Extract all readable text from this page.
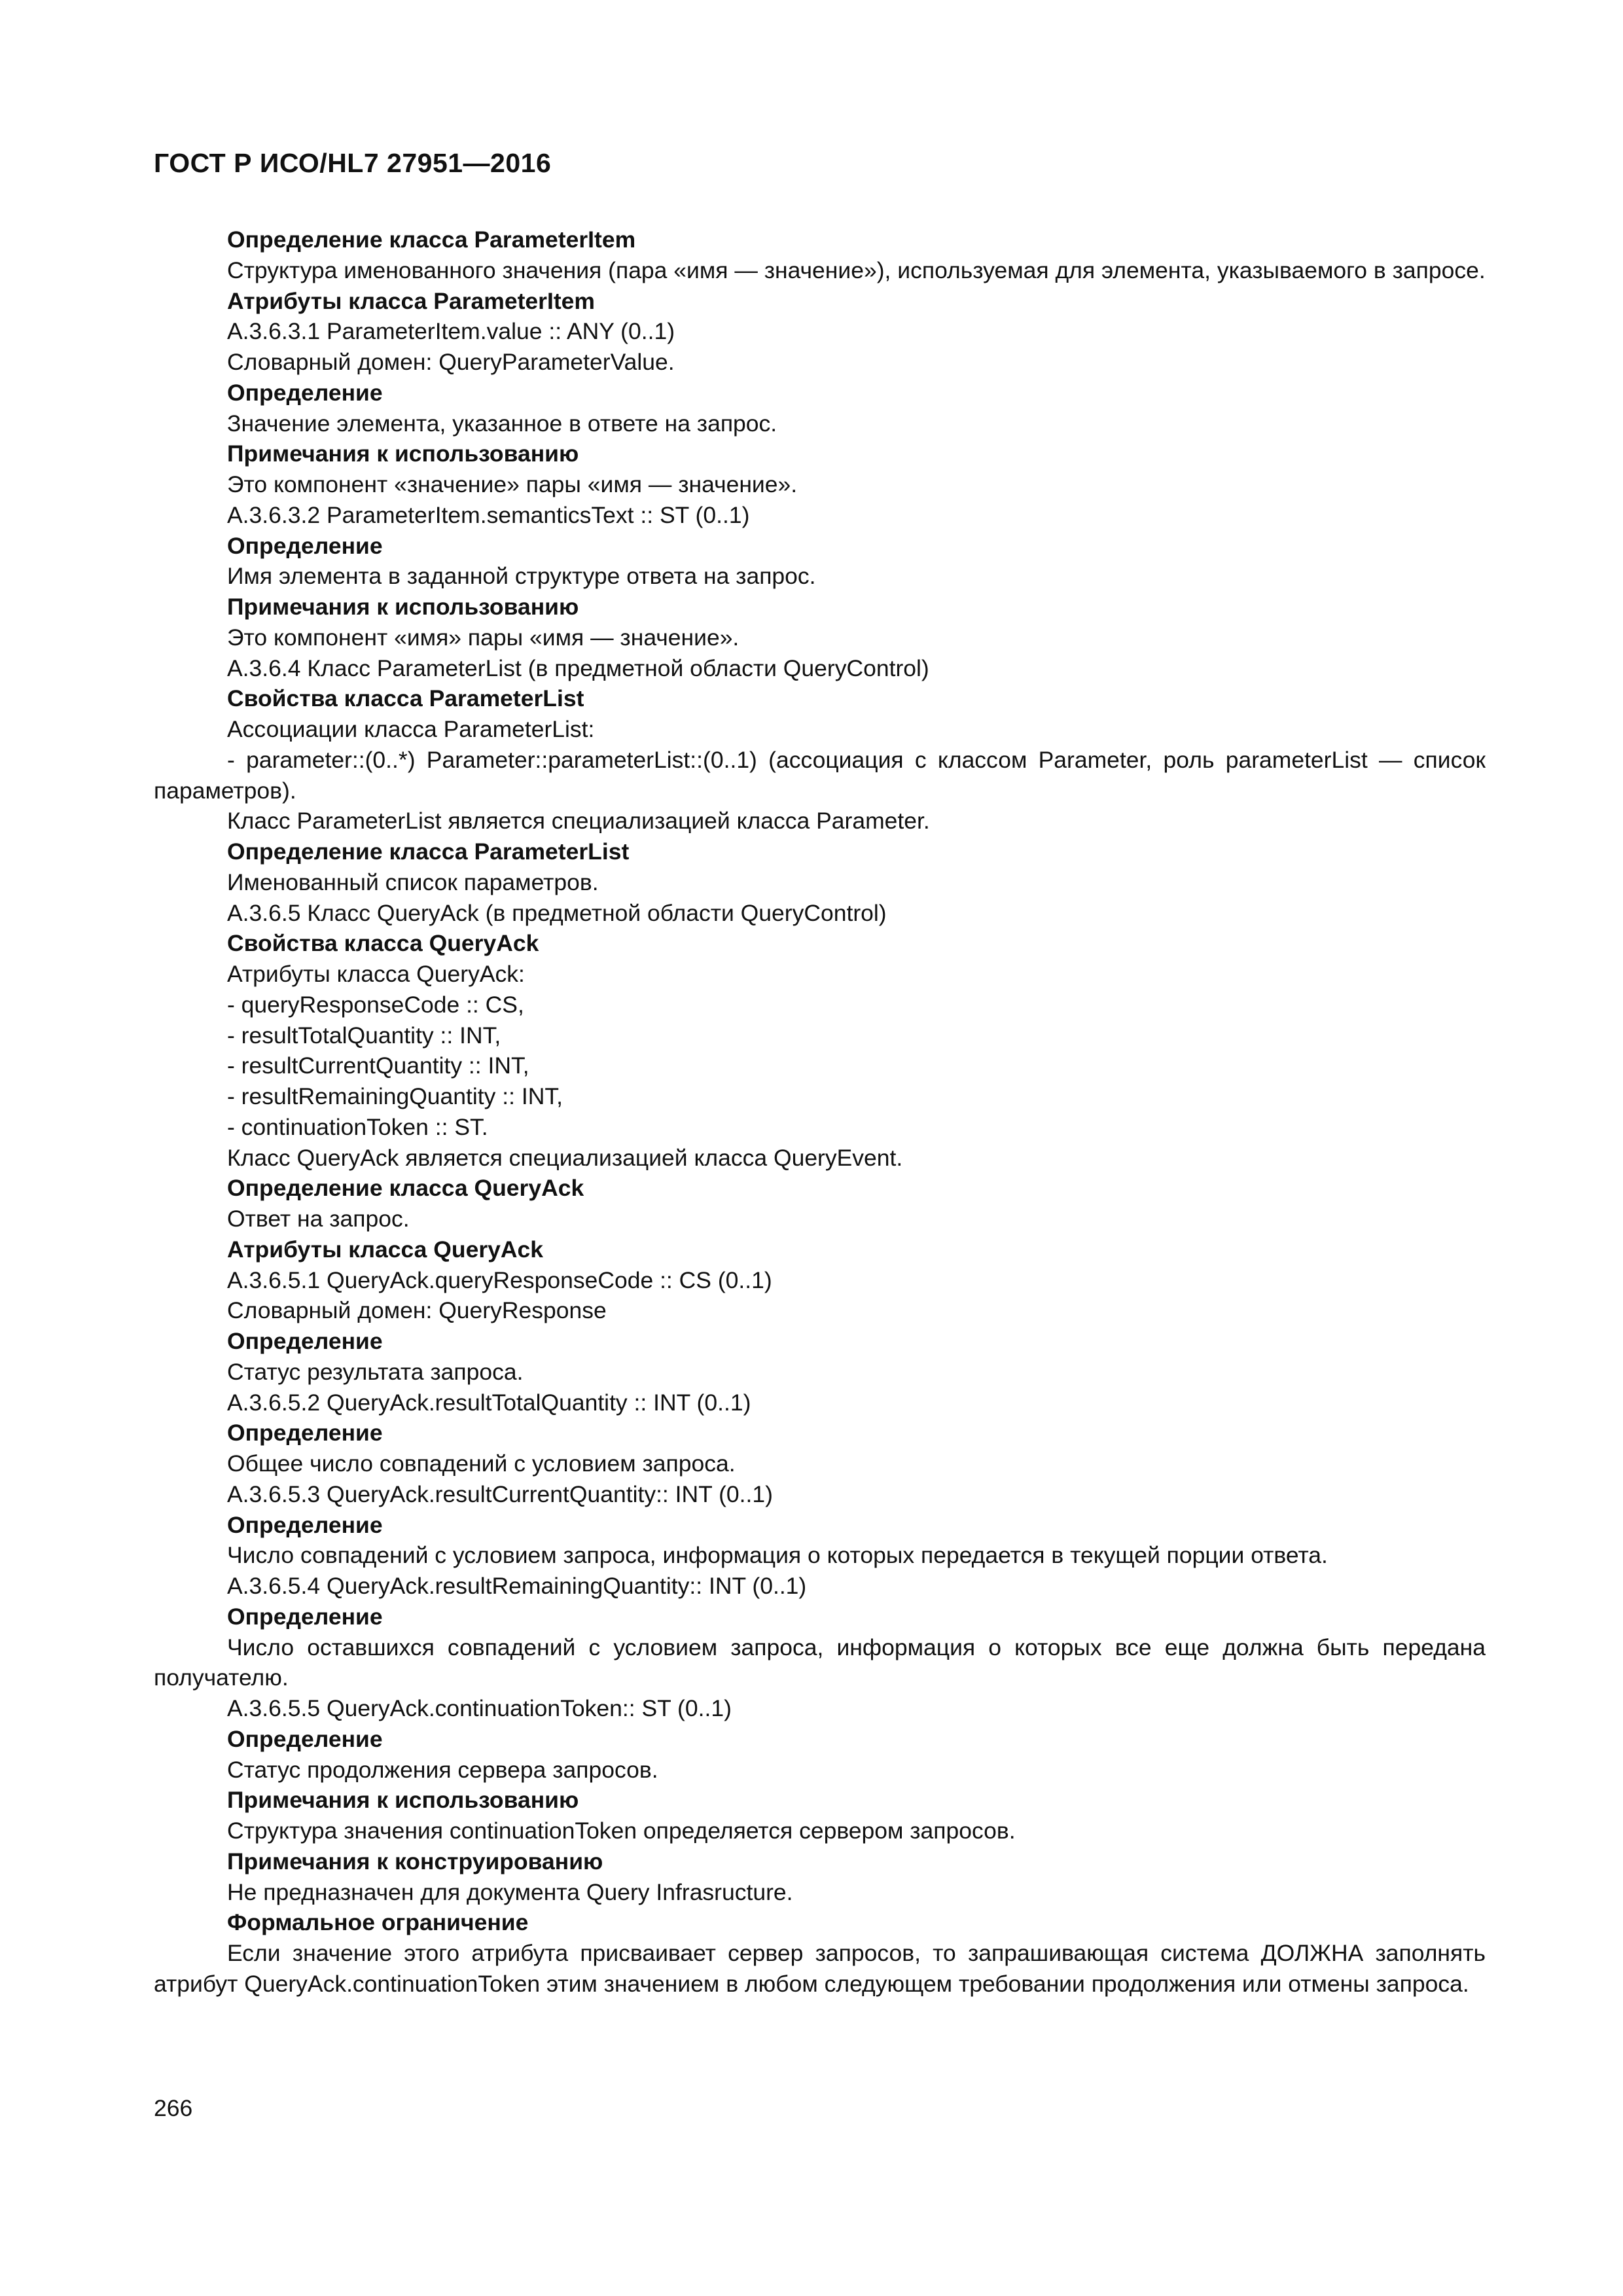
ГОСТ Р ИСО/HL7 27951—2016

Определение класса ParameterItem

Структура именованного значения (пара «имя — значение»), используемая для элемента, указываемого в запросе.

Атрибуты класса ParameterItem

A.3.6.3.1 ParameterItem.value :: ANY (0..1)

Словарный домен: QueryParameterValue.

Определение

Значение элемента, указанное в ответе на запрос.

Примечания к использованию

Это компонент «значение» пары «имя — значение».

A.3.6.3.2 ParameterItem.semanticsText :: ST (0..1)

Определение

Имя элемента в заданной структуре ответа на запрос.

Примечания к использованию

Это компонент «имя» пары «имя — значение».

A.3.6.4 Класс ParameterList (в предметной области QueryControl)

Свойства класса ParameterList

Ассоциации класса ParameterList:

- parameter::(0..*) Parameter::parameterList::(0..1) (ассоциация с классом Parameter, роль parameterList — список параметров).

Класс ParameterList является специализацией класса Parameter.

Определение класса ParameterList

Именованный список параметров.

A.3.6.5 Класс QueryAck (в предметной области QueryControl)

Свойства класса QueryAck

Атрибуты класса QueryAck:

- queryResponseCode :: CS,

- resultTotalQuantity :: INT,

- resultCurrentQuantity :: INT,

- resultRemainingQuantity :: INT,

- continuationToken :: ST.

Класс QueryAck является специализацией класса QueryEvent.

Определение класса QueryAck

Ответ на запрос.

Атрибуты класса QueryAck

A.3.6.5.1 QueryAck.queryResponseCode :: CS (0..1)

Словарный домен: QueryResponse

Определение

Статус результата запроса.

A.3.6.5.2 QueryAck.resultTotalQuantity :: INT (0..1)

Определение

Общее число совпадений с условием запроса.

A.3.6.5.3 QueryAck.resultCurrentQuantity:: INT (0..1)

Определение

Число совпадений с условием запроса, информация о которых передается в текущей порции ответа.

A.3.6.5.4 QueryAck.resultRemainingQuantity:: INT (0..1)

Определение

Число оставшихся совпадений с условием запроса, информация о которых все еще должна быть передана получателю.

A.3.6.5.5 QueryAck.continuationToken:: ST (0..1)

Определение

Статус продолжения сервера запросов.

Примечания к использованию

Структура значения continuationToken определяется сервером запросов.

Примечания к конструированию

Не предназначен для документа Query Infrasructure.

Формальное ограничение

Если значение этого атрибута присваивает сервер запросов, то запрашивающая система ДОЛЖНА заполнять атрибут QueryAck.continuationToken этим значением в любом следующем требовании продолжения или отмены запроса.

266
